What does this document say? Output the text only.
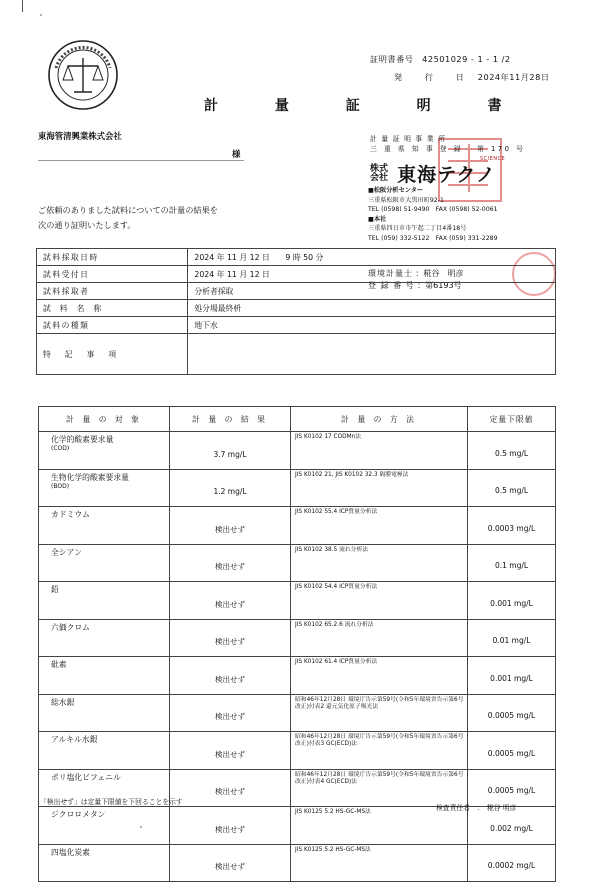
証明書番号　 42501029 - 1 - 1 /2
発 行 日 2024年11月28日
計 量 証 明 書
東海管清興業株式会社
様
計 量 証 明 事 業 所
三 重 県 知 事 登 録 　第 170 号
株式会社 東海テクノ
SCIENCE
■松阪分析センター
三重県松阪市大黒田町92-1
TEL (0598) 51-9490　FAX (0598) 52-0061
■本社
三重県四日市市午起二丁目4番18号
TEL (059) 332-5122　FAX (059) 331-2289
環境計量士 ：糀谷　明彦
登 録 番 号 ：第6193号
ご依頼のありました試料についての計量の結果を
次の通り証明いたします。
試料採取日時	2024 年 11 月 12 日　　9 時 50 分
試料受付日	2024 年 11 月 12 日
試料採取者	分析者採取
試料名称	処分場最終枡
試料の種類	地下水
特記事項	
計 量 の 対 象	計 量 の 結 果	計 量 の 方 法	定量下限値

化学的酸素要求量
(COD)	3.7 mg/L	JIS K0102 17 CODMn法	0.5 mg/L

生物化学的酸素要求量
(BOD)	1.2 mg/L	JIS K0102 21, JIS K0102 32.3 隔膜電極法	0.5 mg/L

カドミウム	検出せず	JIS K0102 55.4 ICP質量分析法	0.0003 mg/L

全シアン	検出せず	JIS K0102 38.5 流れ分析法	0.1 mg/L

鉛	検出せず	JIS K0102 54.4 ICP質量分析法	0.001 mg/L

六価クロム	検出せず	JIS K0102 65.2.6 流れ分析法	0.01 mg/L

砒素	検出せず	JIS K0102 61.4 ICP質量分析法	0.001 mg/L

総水銀	検出せず	昭和46年12月28日 環境庁告示第59号(令和5年環境省告示第6号改正)付表2 還元気化原子吸光法	0.0005 mg/L

アルキル水銀	検出せず	昭和46年12月28日 環境庁告示第59号(令和5年環境省告示第6号改正)付表3 GC(ECD)法	0.0005 mg/L

ポリ塩化ビフェニル	検出せず	昭和46年12月28日 環境庁告示第59号(令和5年環境省告示第6号改正)付表4 GC(ECD)法	0.0005 mg/L

ジクロロメタン	検出せず	JIS K0125 5.2 HS-GC-MS法	0.002 mg/L

四塩化炭素	検出せず	JIS K0125 5.2 HS-GC-MS法	0.0002 mg/L
「検出せず」は定量下限値を下回ることを示す
検査責任者　 ：　糀谷 明彦
